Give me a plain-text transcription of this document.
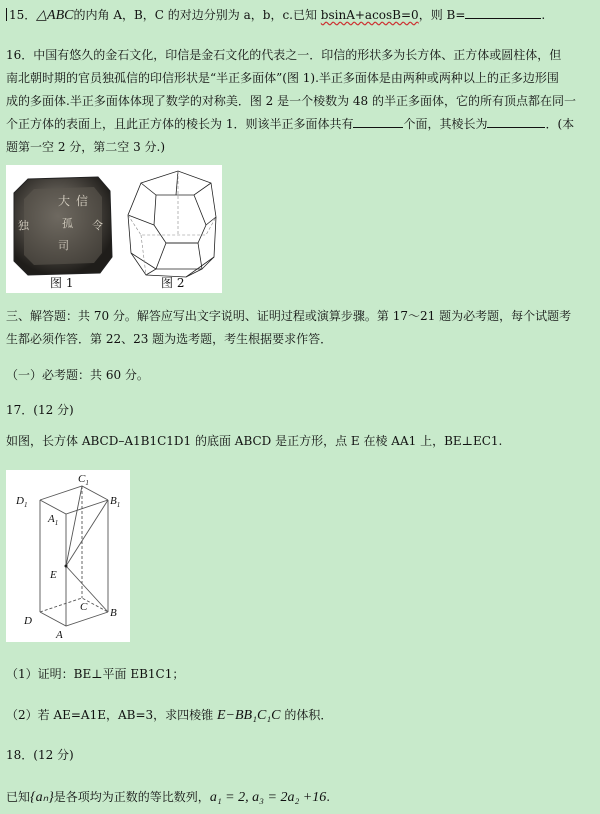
15．△ABC的内角 A，B，C 的对边分别为 a，b，c.已知 bsinA+acosB=0，则 B=	.
16．中国有悠久的金石文化，印信是金石文化的代表之一．印信的形状多为长方体、正方体或圆柱体，但
南北朝时期的官员独孤信的印信形状是“半正多面体”(图 1).半正多面体是由两种或两种以上的正多边形围
成的多面体.半正多面体体现了数学的对称美．图 2 是一个棱数为 48 的半正多面体，它的所有顶点都在同一
个正方体的表面上，且此正方体的棱长为 1．则该半正多面体共有	个面，其棱长为	．(本
题第一空 2 分，第二空 3 分.)
大 信
独	孤 令
司
图 1	图 2
三、解答题：共 70 分。解答应写出文字说明、证明过程或演算步骤。第 17～21 题为必考题，每个试题考
生都必须作答．第 22、23 题为选考题，考生根据要求作答．
（一）必考题：共 60 分。
17．(12 分)
如图，长方体 ABCD–A1B1C1D1 的底面 ABCD 是正方形，点 E 在棱 AA1 上，BE⊥EC1.
$C_1$
$D_1$	$B_1$
$A_1$
E
C B
D
A
（1）证明：BE⊥平面 EB1C1；
（2）若 AE=A1E，AB=3，求四棱锥 E−BB₁C₁C 的体积．
18．(12 分)
已知{aₙ}是各项均为正数的等比数列，a₁ = 2, a₃ = 2a₂ +16.
